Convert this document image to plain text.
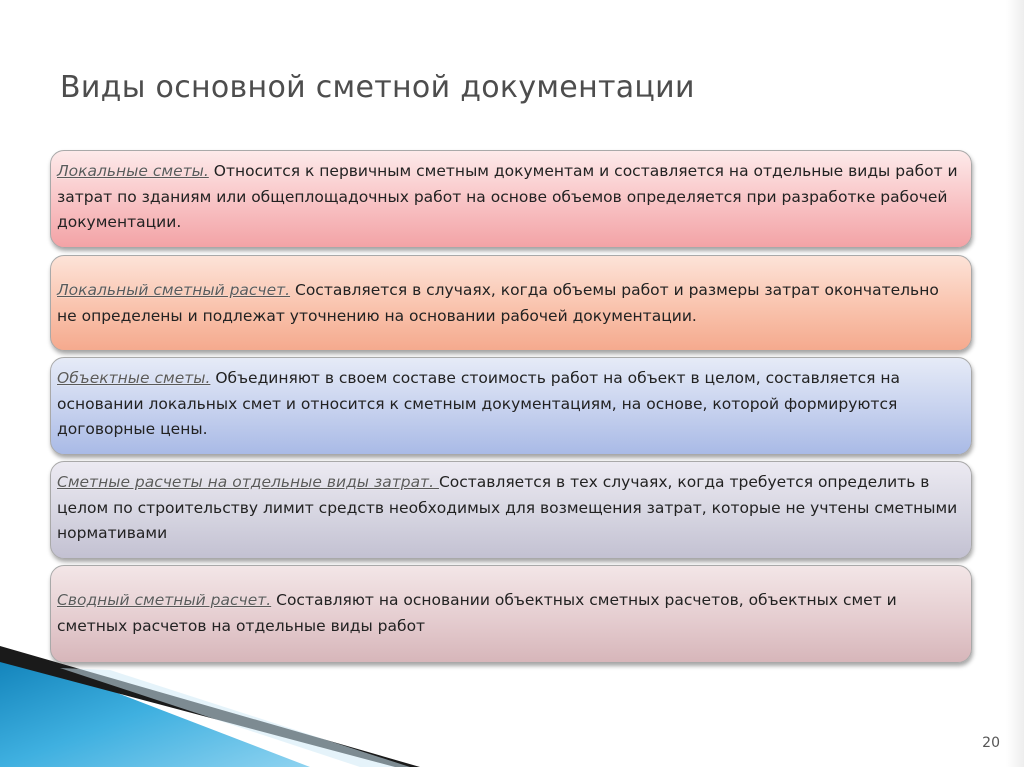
Виды основной сметной документации
Локальные сметы. Относится к первичным сметным документам и составляется на отдельные виды работ и затрат по зданиям или общеплощадочных работ на основе объемов определяется при разработке рабочей документации.
Локальный сметный расчет. Составляется в случаях, когда объемы работ и размеры затрат окончательно не определены и подлежат уточнению на основании рабочей документации.
Объектные сметы. Объединяют в своем составе стоимость работ на объект в целом, составляется на основании локальных смет и относится к сметным документациям, на основе, которой формируются договорные цены.
Сметные расчеты на отдельные виды затрат. Составляется в тех случаях, когда требуется определить в целом по строительству лимит средств необходимых для возмещения затрат, которые не учтены сметными нормативами
Сводный сметный расчет. Составляют на основании объектных сметных расчетов, объектных смет и сметных расчетов на отдельные виды работ
20
